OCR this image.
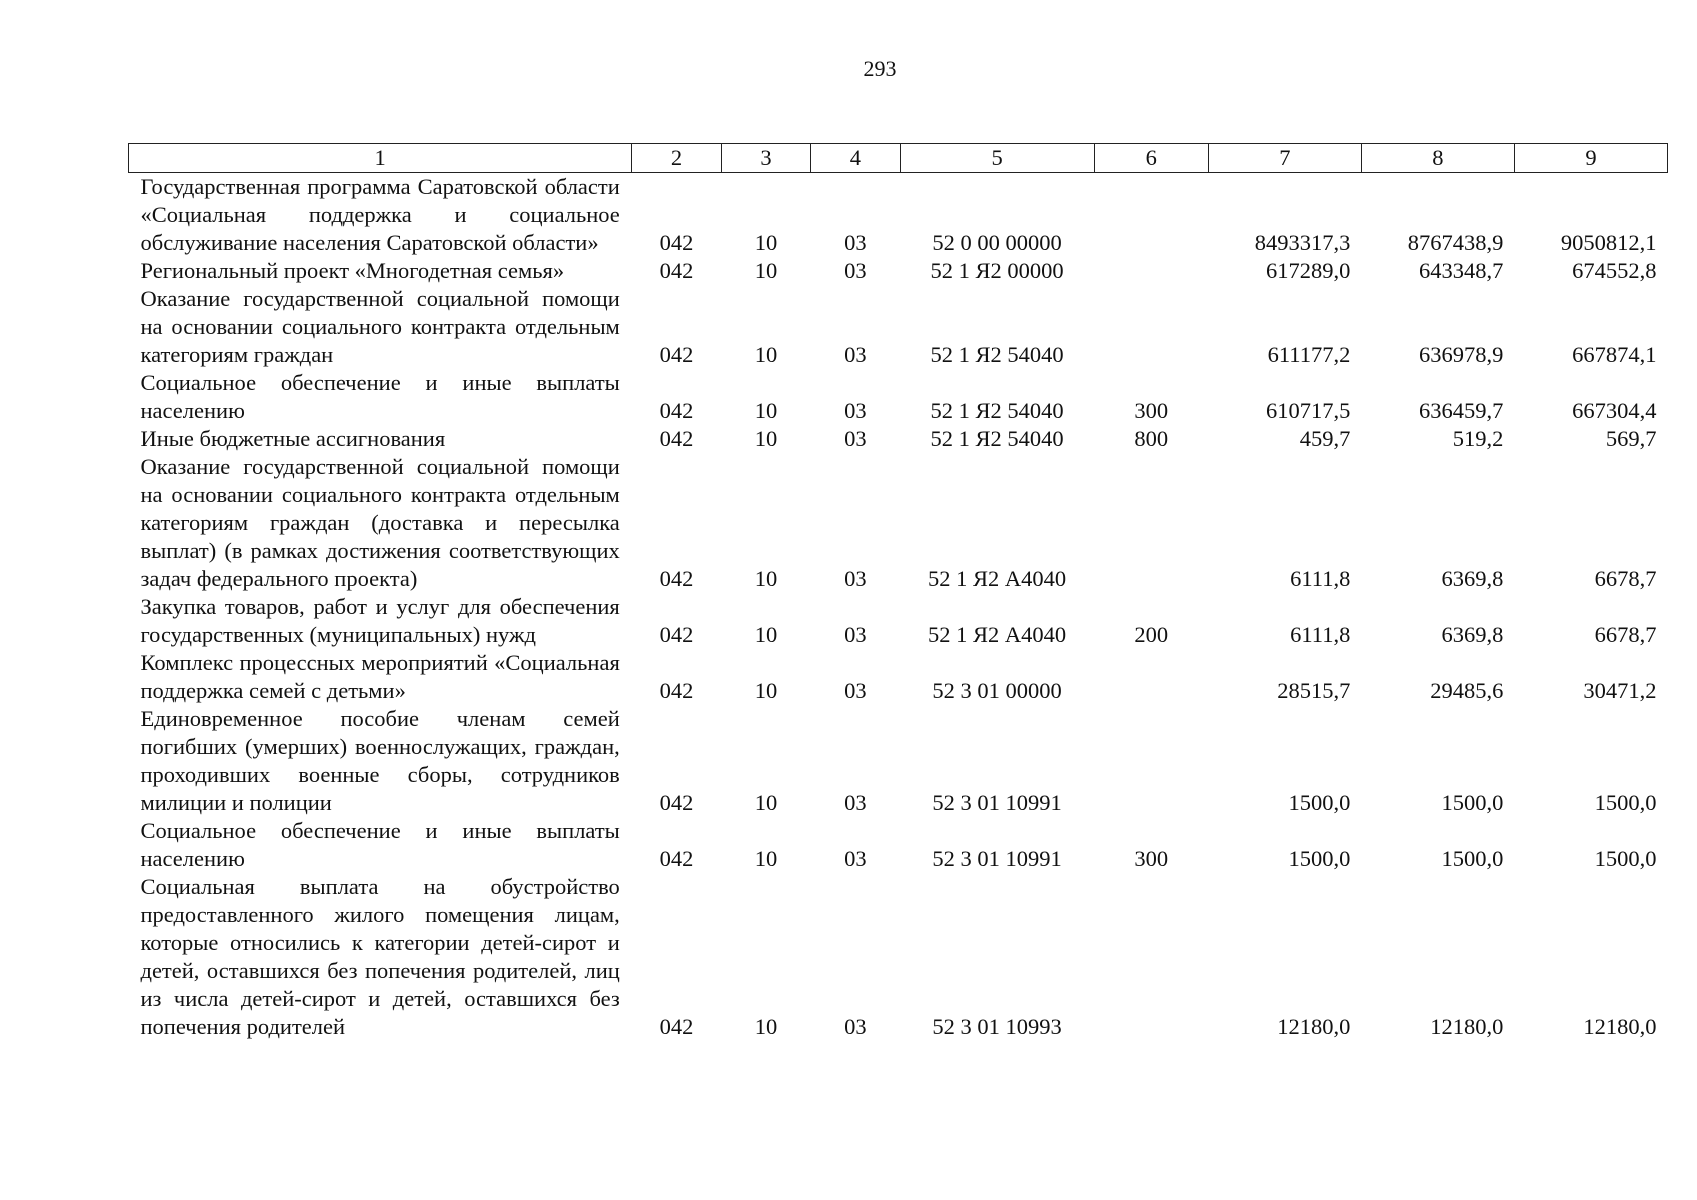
293
1	2	3	4	5	6	7	8	9
Государственная программа Саратовской области «Социальная поддержка и социальное обслуживание населения Саратовской области»	042	10	03	52 0 00 00000		8493317,3	8767438,9	9050812,1
Региональный проект «Многодетная семья»	042	10	03	52 1 Я2 00000		617289,0	643348,7	674552,8
Оказание государственной социальной помощи на основании социального контракта отдельным категориям граждан	042	10	03	52 1 Я2 54040		611177,2	636978,9	667874,1
Социальное обеспечение и иные выплаты населению	042	10	03	52 1 Я2 54040	300	610717,5	636459,7	667304,4
Иные бюджетные ассигнования	042	10	03	52 1 Я2 54040	800	459,7	519,2	569,7
Оказание государственной социальной помощи на основании социального контракта отдельным категориям граждан (доставка и пересылка выплат) (в рамках достижения соответствующих задач федерального проекта)	042	10	03	52 1 Я2 А4040		6111,8	6369,8	6678,7
Закупка товаров, работ и услуг для обеспечения государственных (муниципальных) нужд	042	10	03	52 1 Я2 А4040	200	6111,8	6369,8	6678,7
Комплекс процессных мероприятий «Социальная поддержка семей с детьми»	042	10	03	52 3 01 00000		28515,7	29485,6	30471,2
Единовременное пособие членам семей погибших (умерших) военнослужащих, граждан, проходивших военные сборы, сотрудников милиции и полиции	042	10	03	52 3 01 10991		1500,0	1500,0	1500,0
Социальное обеспечение и иные выплаты населению	042	10	03	52 3 01 10991	300	1500,0	1500,0	1500,0
Социальная выплата на обустройство предоставленного жилого помещения лицам, которые относились к категории детей-сирот и детей, оставшихся без попечения родителей, лиц из числа детей-сирот и детей, оставшихся без попечения родителей	042	10	03	52 3 01 10993		12180,0	12180,0	12180,0
